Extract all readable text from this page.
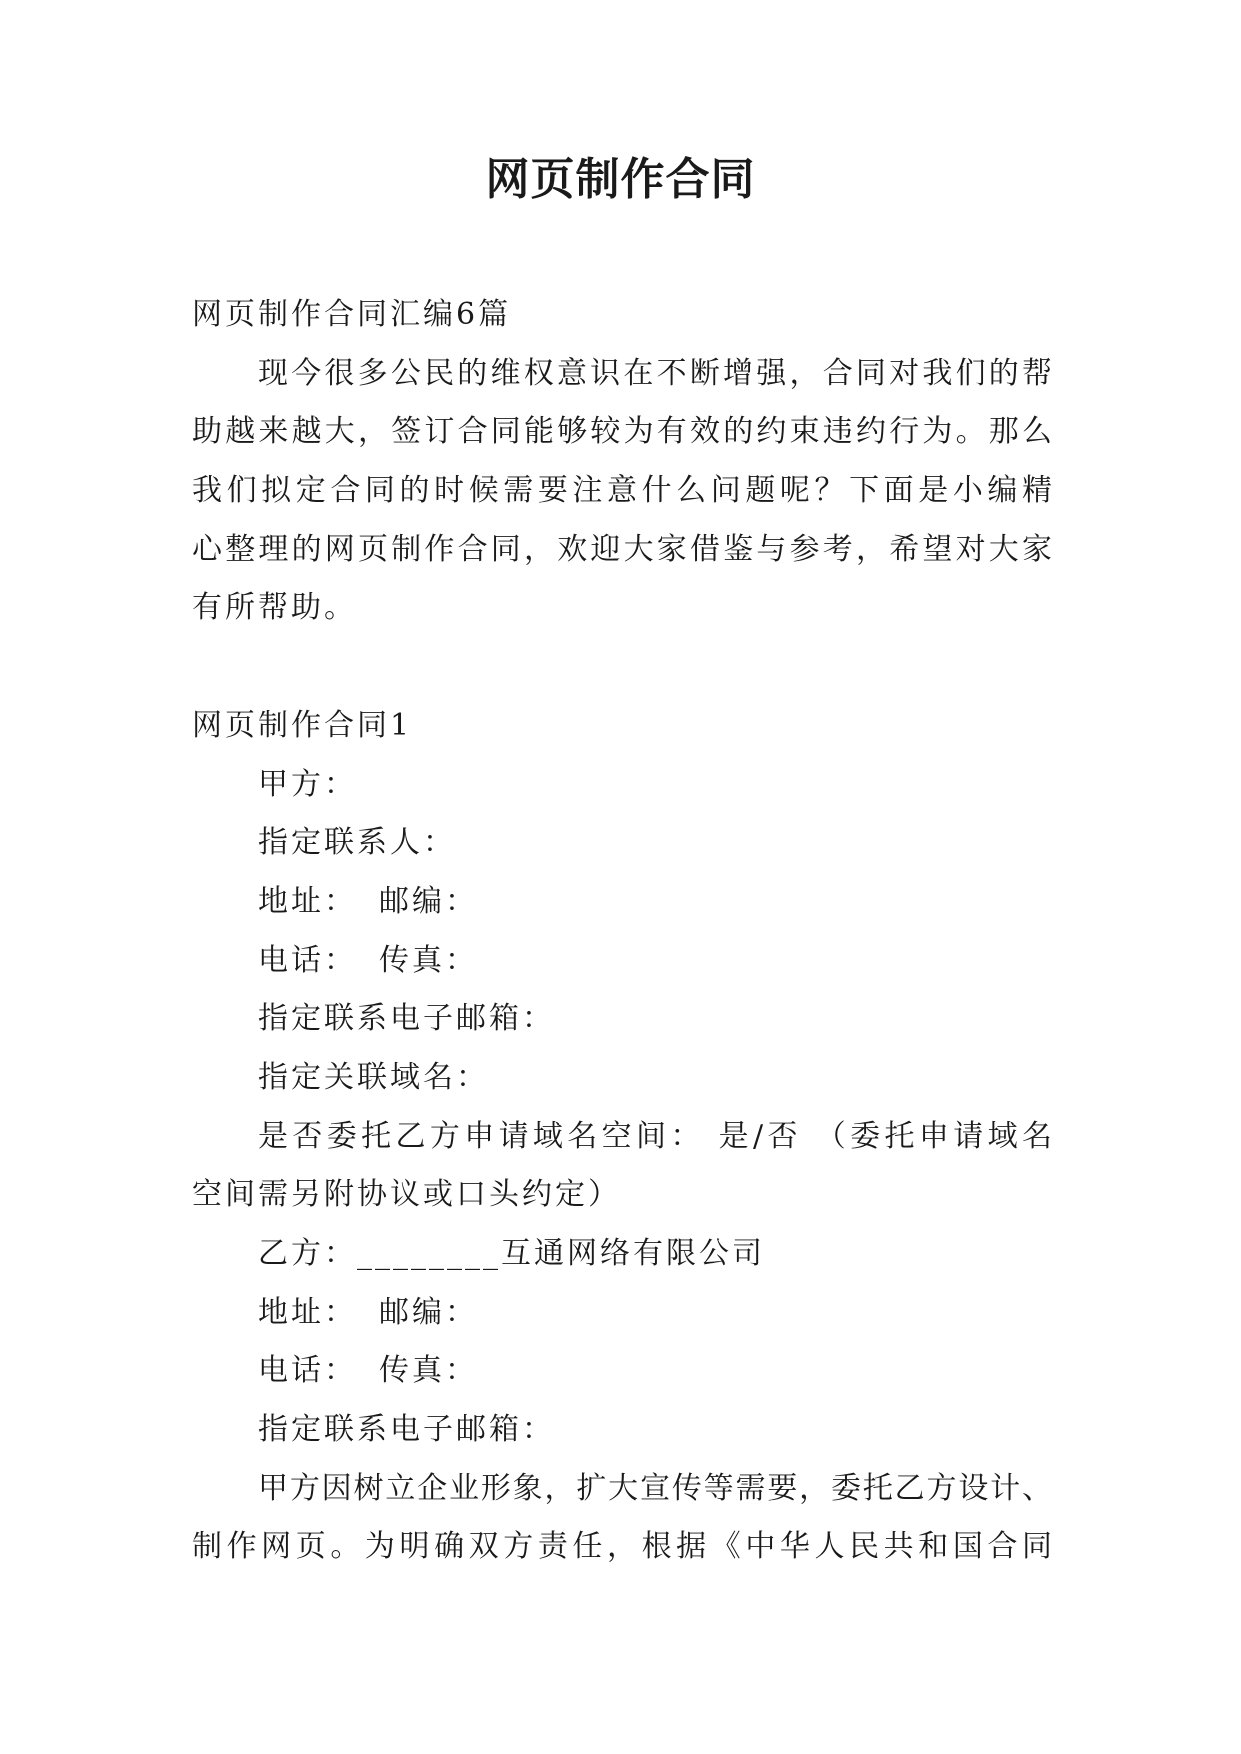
网页制作合同
网页制作合同汇编6篇
现今很多公民的维权意识在不断增强，合同对我们的帮
助越来越大，签订合同能够较为有效的约束违约行为。那么
我们拟定合同的时候需要注意什么问题呢？下面是小编精
心整理的网页制作合同，欢迎大家借鉴与参考，希望对大家
有所帮助。
网页制作合同1
甲方：
指定联系人：
地址： 邮编：
电话： 传真：
指定联系电子邮箱：
指定关联域名：
是否委托乙方申请域名空间： 是/否 （委托申请域名
空间需另附协议或口头约定）
乙方：________互通网络有限公司
地址： 邮编：
电话： 传真：
指定联系电子邮箱：
甲方因树立企业形象，扩大宣传等需要，委托乙方设计、
制作网页。为明确双方责任，根据《中华人民共和国合同
